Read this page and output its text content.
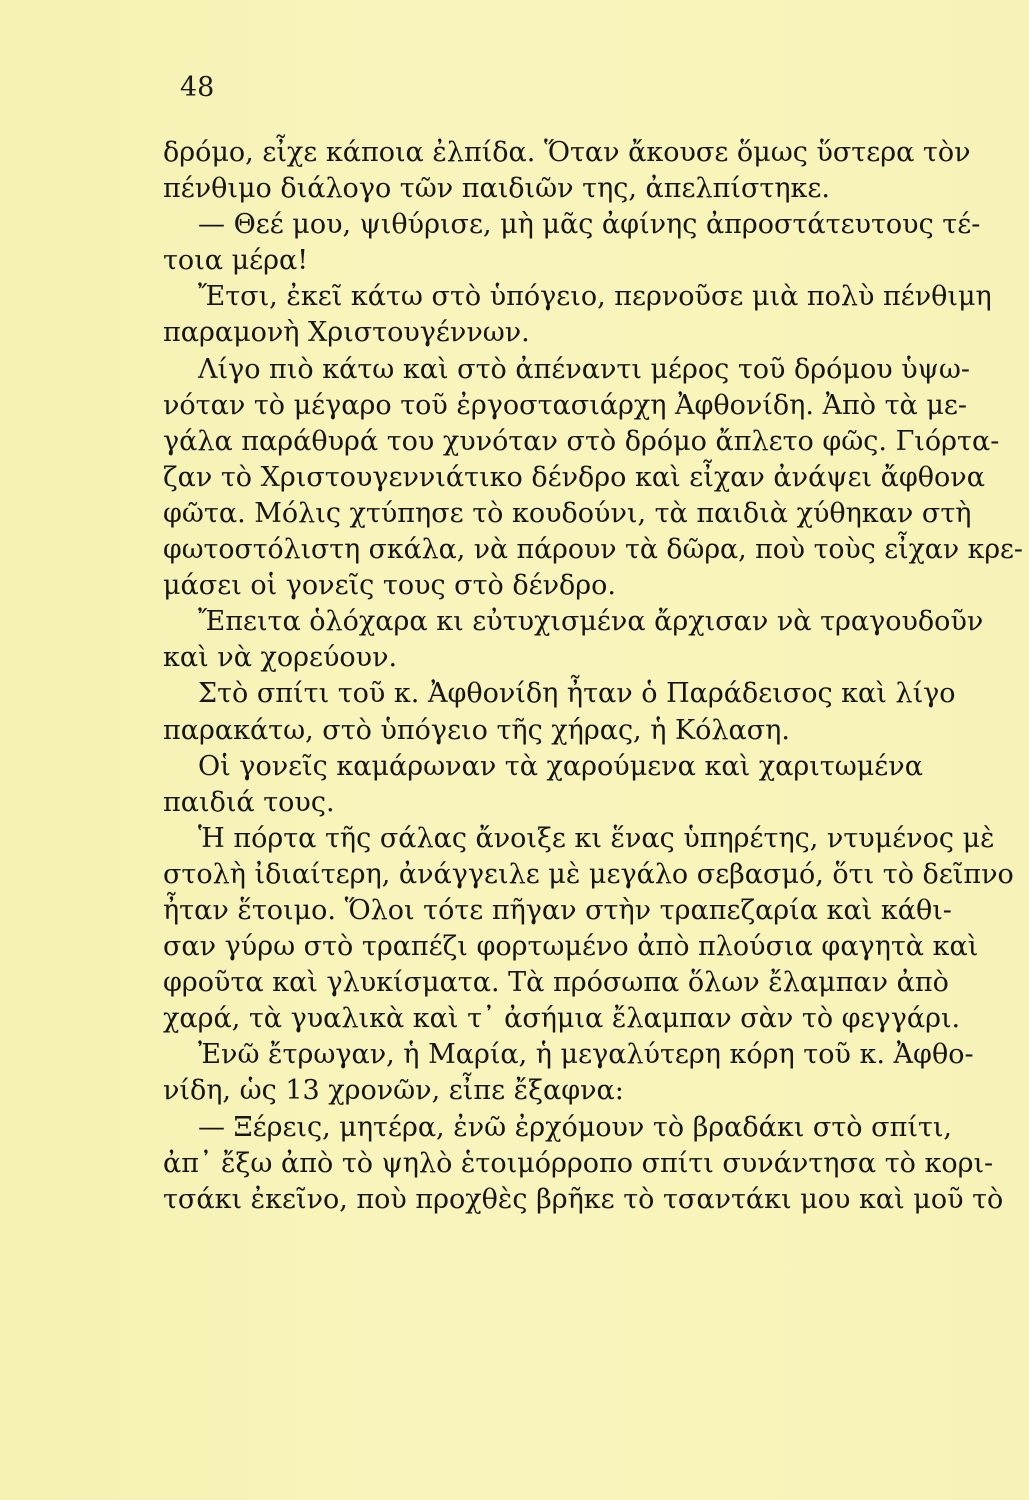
48
δρόμο, εἶχε κάποια ἐλπίδα. Ὅταν ἄκουσε ὅμως ὕστερα τὸν
πένθιμο διάλογο τῶν παιδιῶν της, ἀπελπίστηκε.
— Θεέ μου, ψιθύρισε, μὴ μᾶς ἀφίνης ἀπροστάτευτους τέ-
τοια μέρα!
Ἔτσι, ἐκεῖ κάτω στὸ ὑπόγειο, περνοῦσε μιὰ πολὺ πένθιμη
παραμονὴ Χριστουγέννων.
Λίγο πιὸ κάτω καὶ στὸ ἀπέναντι μέρος τοῦ δρόμου ὑψω-
νόταν τὸ μέγαρο τοῦ ἐργοστασιάρχη Ἀφθονίδη. Ἀπὸ τὰ με-
γάλα παράθυρά του χυνόταν στὸ δρόμο ἄπλετο φῶς. Γιόρτα-
ζαν τὸ Χριστουγεννιάτικο δένδρο καὶ εἶχαν ἀνάψει ἄφθονα
φῶτα. Μόλις χτύπησε τὸ κουδούνι, τὰ παιδιὰ χύθηκαν στὴ
φωτοστόλιστη σκάλα, νὰ πάρουν τὰ δῶρα, ποὺ τοὺς εἶχαν κρε-
μάσει οἱ γονεῖς τους στὸ δένδρο.
Ἔπειτα ὁλόχαρα κι εὐτυχισμένα ἄρχισαν νὰ τραγουδοῦν
καὶ νὰ χορεύουν.
Στὸ σπίτι τοῦ κ. Ἀφθονίδη ἦταν ὁ Παράδεισος καὶ λίγο
παρακάτω, στὸ ὑπόγειο τῆς χήρας, ἡ Κόλαση.
Οἱ γονεῖς καμάρωναν τὰ χαρούμενα καὶ χαριτωμένα
παιδιά τους.
Ἡ πόρτα τῆς σάλας ἄνοιξε κι ἕνας ὑπηρέτης, ντυμένος μὲ
στολὴ ἰδιαίτερη, ἀνάγγειλε μὲ μεγάλο σεβασμό, ὅτι τὸ δεῖπνο
ἦταν ἕτοιμο. Ὅλοι τότε πῆγαν στὴν τραπεζαρία καὶ κάθι-
σαν γύρω στὸ τραπέζι φορτωμένο ἀπὸ πλούσια φαγητὰ καὶ
φροῦτα καὶ γλυκίσματα. Τὰ πρόσωπα ὅλων ἔλαμπαν ἀπὸ
χαρά, τὰ γυαλικὰ καὶ τ᾽ ἀσήμια ἔλαμπαν σὰν τὸ φεγγάρι.
Ἐνῶ ἔτρωγαν, ἡ Μαρία, ἡ μεγαλύτερη κόρη τοῦ κ. Ἀφθο-
νίδη, ὡς 13 χρονῶν, εἶπε ἔξαφνα:
— Ξέρεις, μητέρα, ἐνῶ ἐρχόμουν τὸ βραδάκι στὸ σπίτι,
ἀπ᾽ ἔξω ἀπὸ τὸ ψηλὸ ἑτοιμόρροπο σπίτι συνάντησα τὸ κορι-
τσάκι ἐκεῖνο, ποὺ προχθὲς βρῆκε τὸ τσαντάκι μου καὶ μοῦ τὸ
